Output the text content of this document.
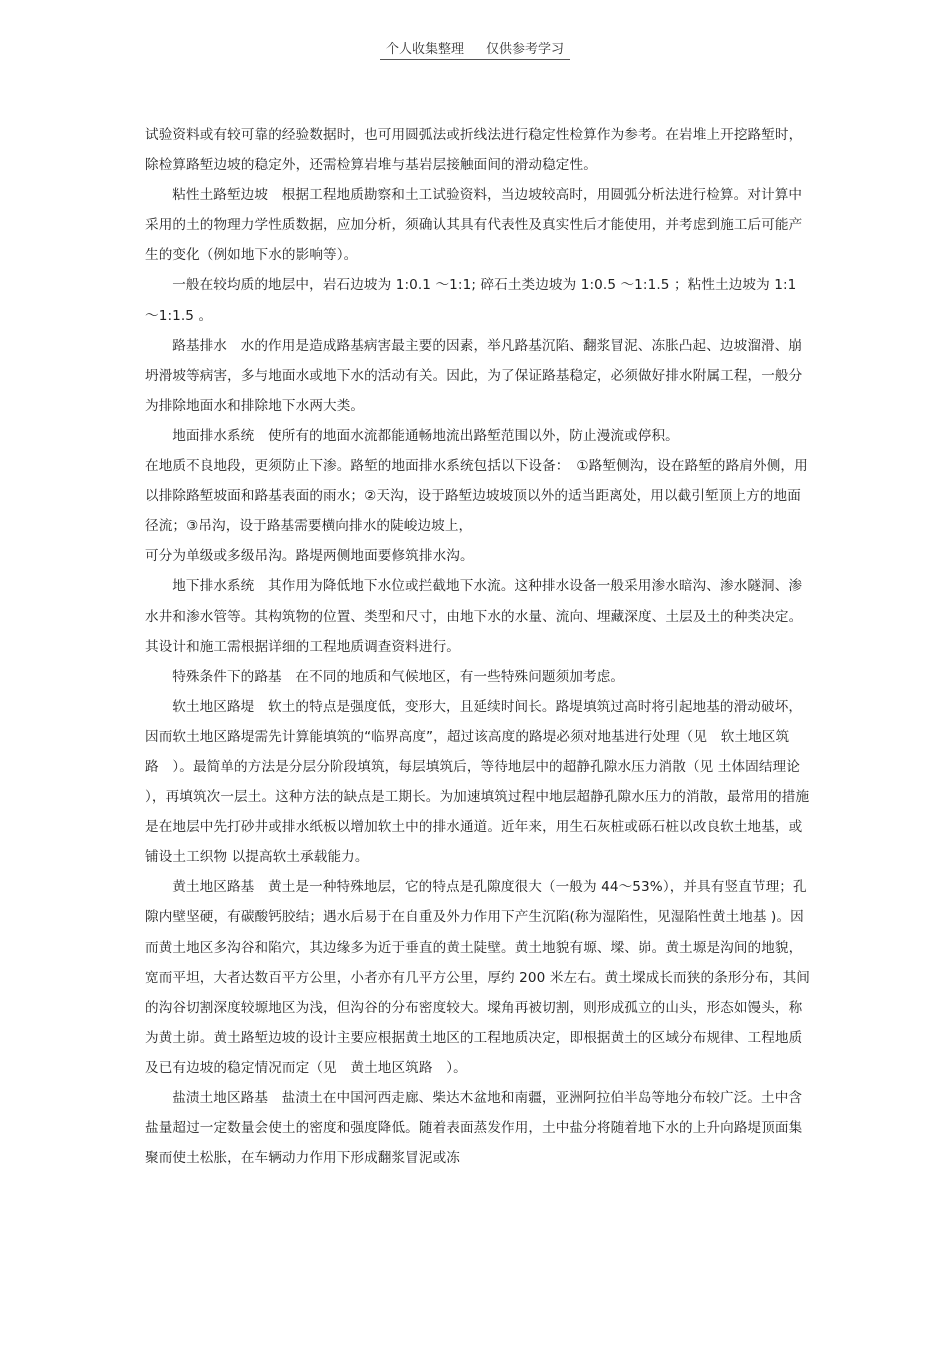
个人收集整理 仅供参考学习

试验资料或有较可靠的经验数据时，也可用圆弧法或折线法进行稳定性检算作为参考。在岩堆上开挖路堑时，除检算路堑边坡的稳定外，还需检算岩堆与基岩层接触面间的滑动稳定性。

粘性土路堑边坡　根据工程地质勘察和土工试验资料，当边坡较高时，用圆弧分析法进行检算。对计算中采用的土的物理力学性质数据，应加分析，须确认其具有代表性及真实性后才能使用，并考虑到施工后可能产生的变化（例如地下水的影响等）。

一般在较均质的地层中，岩石边坡为 1:0.1 ～1:1; 碎石土类边坡为 1:0.5 ～1:1.5 ；粘性土边坡为 1:1 ～1:1.5 。

路基排水　水的作用是造成路基病害最主要的因素，举凡路基沉陷、翻浆冒泥、冻胀凸起、边坡溜滑、崩坍滑坡等病害，多与地面水或地下水的活动有关。因此，为了保证路基稳定，必须做好排水附属工程，一般分为排除地面水和排除地下水两大类。

地面排水系统　使所有的地面水流都能通畅地流出路堑范围以外，防止漫流或停积。

在地质不良地段，更须防止下渗。路堑的地面排水系统包括以下设备：　①路堑侧沟，设在路堑的路肩外侧，用以排除路堑坡面和路基表面的雨水；②天沟，设于路堑边坡坡顶以外的适当距离处，用以截引堑顶上方的地面径流；③吊沟，设于路基需要横向排水的陡峻边坡上，

可分为单级或多级吊沟。路堤两侧地面要修筑排水沟。

地下排水系统　其作用为降低地下水位或拦截地下水流。这种排水设备一般采用渗水暗沟、渗水隧洞、渗水井和渗水管等。其构筑物的位置、类型和尺寸，由地下水的水量、流向、埋藏深度、土层及土的种类决定。其设计和施工需根据详细的工程地质调查资料进行。

特殊条件下的路基　在不同的地质和气候地区，有一些特殊问题须加考虑。

软土地区路堤　软土的特点是强度低，变形大，且延续时间长。路堤填筑过高时将引起地基的滑动破坏，因而软土地区路堤需先计算能填筑的“临界高度”，超过该高度的路堤必须对地基进行处理（见　软土地区筑路　）。最简单的方法是分层分阶段填筑，每层填筑后，等待地层中的超静孔隙水压力消散（见 土体固结理论 ），再填筑次一层土。这种方法的缺点是工期长。为加速填筑过程中地层超静孔隙水压力的消散，最常用的措施是在地层中先打砂井或排水纸板以增加软土中的排水通道。近年来，用生石灰桩或砾石桩以改良软土地基，或铺设土工织物 以提高软土承载能力。

黄土地区路基　黄土是一种特殊地层，它的特点是孔隙度很大（一般为 44～53%），并具有竖直节理；孔隙内壁坚硬，有碳酸钙胶结；遇水后易于在自重及外力作用下产生沉陷(称为湿陷性，见湿陷性黄土地基 )。因而黄土地区多沟谷和陷穴，其边缘多为近于垂直的黄土陡壁。黄土地貌有塬、墚、峁。黄土塬是沟间的地貌，宽而平坦，大者达数百平方公里，小者亦有几平方公里，厚约 200 米左右。黄土墚成长而狭的条形分布，其间的沟谷切割深度较塬地区为浅，但沟谷的分布密度较大。墚角再被切割，则形成孤立的山头，形态如馒头，称为黄土峁。黄土路堑边坡的设计主要应根据黄土地区的工程地质决定，即根据黄土的区域分布规律、工程地质及已有边坡的稳定情况而定（见　黄土地区筑路　）。

盐渍土地区路基　盐渍土在中国河西走廊、柴达木盆地和南疆，亚洲阿拉伯半岛等地分布较广泛。土中含盐量超过一定数量会使土的密度和强度降低。随着表面蒸发作用，土中盐分将随着地下水的上升向路堤顶面集聚而使土松胀，在车辆动力作用下形成翻浆冒泥或冻
